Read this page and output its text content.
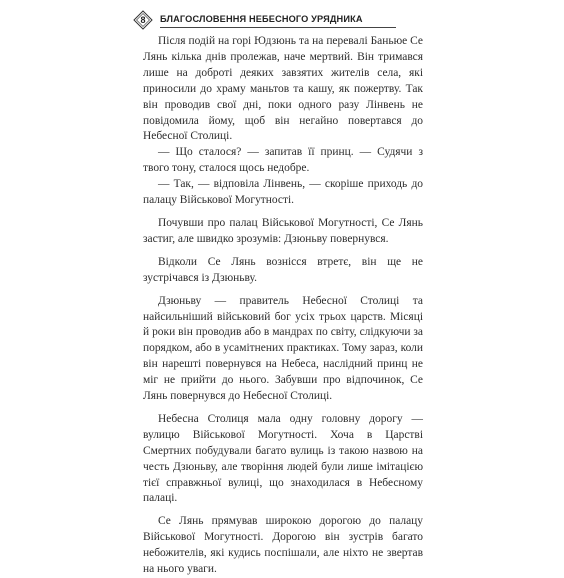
8	БЛАГОСЛОВЕННЯ НЕБЕСНОГО УРЯДНИКА

Після подій на горі Юдзюнь та на перевалі Баньюе Се Лянь кілька днів пролежав, наче мертвий. Він тримався лише на доброті деяких завзятих жителів села, які приносили до храму маньтов та кашу, як пожертву. Так він проводив свої дні, поки одного разу Лінвень не повідомила йому, щоб він негайно повертався до Небесної Столиці.

— Що сталося? — запитав її принц. — Судячи з твого тону, сталося щось недобре.

— Так, — відповіла Лінвень, — скоріше приходь до палацу Військової Могутності.

Почувши про палац Військової Могутності, Се Лянь застиг, але швидко зрозумів: Дзюньву повернувся.

Відколи Се Лянь вознісся втретє, він ще не зустрічався із Дзюньву.

Дзюньву — правитель Небесної Столиці та найсильніший військовий бог усіх трьох царств. Місяці й роки він проводив або в мандрах по світу, слідкуючи за порядком, або в усамітнених практиках. Тому зараз, коли він нарешті повернувся на Небеса, наслідний принц не міг не прийти до нього. Забувши про відпочинок, Се Лянь повернувся до Небесної Столиці.

Небесна Столиця мала одну головну дорогу — вулицю Військової Могутності. Хоча в Царстві Смертних побудували багато вулиць із такою назвою на честь Дзюньву, але творіння людей були лише імітацією тієї справжньої вулиці, що знаходилася в Небесному палаці.

Се Лянь прямував широкою дорогою до палацу Військової Могутності. Дорогою він зустрів багато небожителів, які кудись поспішали, але ніхто не звертав на нього уваги.
